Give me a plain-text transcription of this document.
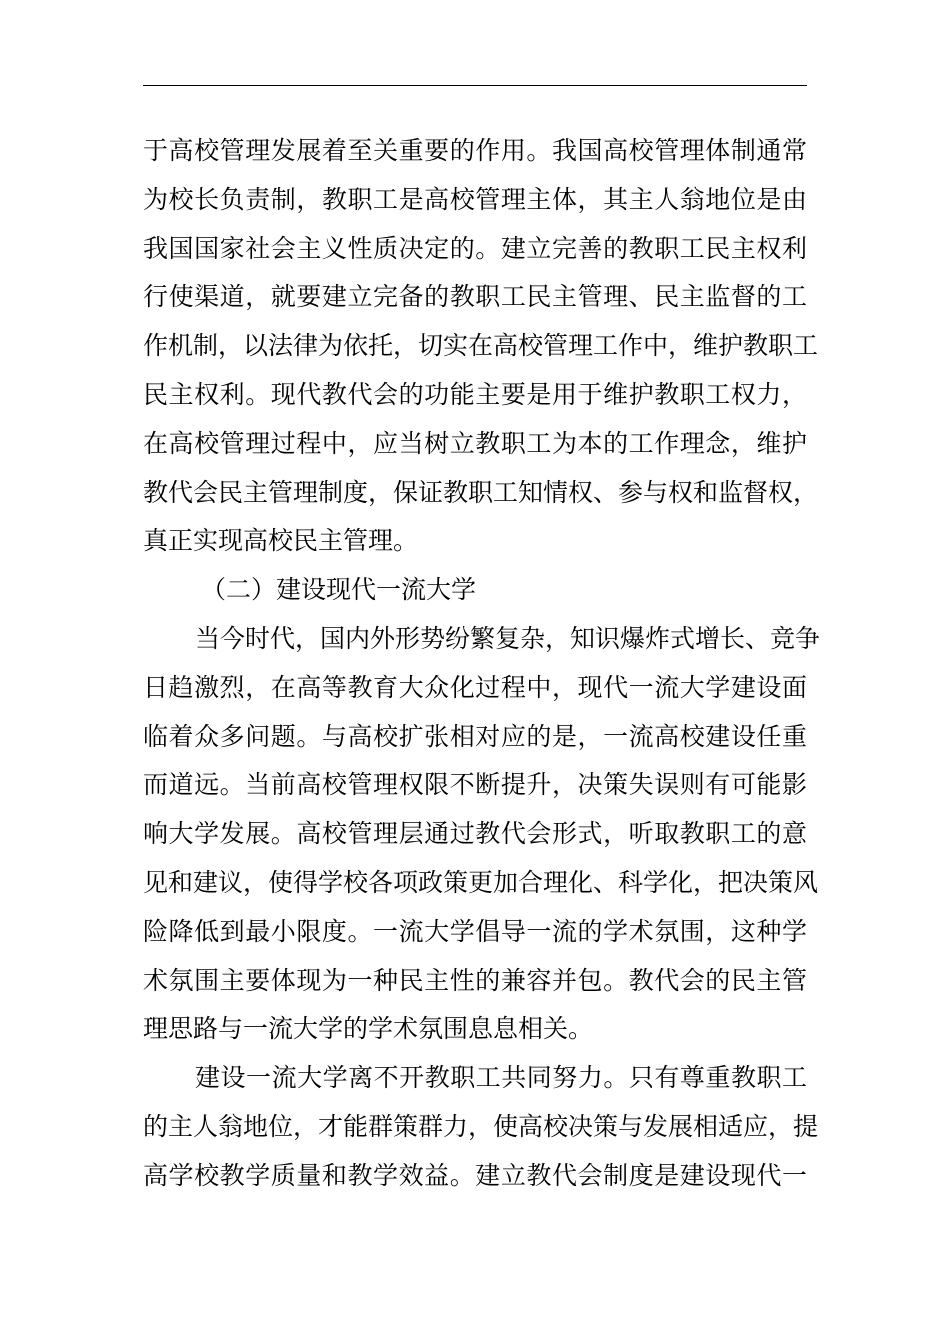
于高校管理发展着至关重要的作用。我国高校管理体制通常
为校长负责制，教职工是高校管理主体，其主人翁地位是由
我国国家社会主义性质决定的。建立完善的教职工民主权利
行使渠道，就要建立完备的教职工民主管理、民主监督的工
作机制，以法律为依托，切实在高校管理工作中，维护教职工
民主权利。现代教代会的功能主要是用于维护教职工权力，
在高校管理过程中，应当树立教职工为本的工作理念，维护
教代会民主管理制度，保证教职工知情权、参与权和监督权，
真正实现高校民主管理。
（二）建设现代一流大学
当今时代，国内外形势纷繁复杂，知识爆炸式增长、竞争
日趋激烈，在高等教育大众化过程中，现代一流大学建设面
临着众多问题。与高校扩张相对应的是，一流高校建设任重
而道远。当前高校管理权限不断提升，决策失误则有可能影
响大学发展。高校管理层通过教代会形式，听取教职工的意
见和建议，使得学校各项政策更加合理化、科学化，把决策风
险降低到最小限度。一流大学倡导一流的学术氛围，这种学
术氛围主要体现为一种民主性的兼容并包。教代会的民主管
理思路与一流大学的学术氛围息息相关。
建设一流大学离不开教职工共同努力。只有尊重教职工
的主人翁地位，才能群策群力，使高校决策与发展相适应，提
高学校教学质量和教学效益。建立教代会制度是建设现代一
